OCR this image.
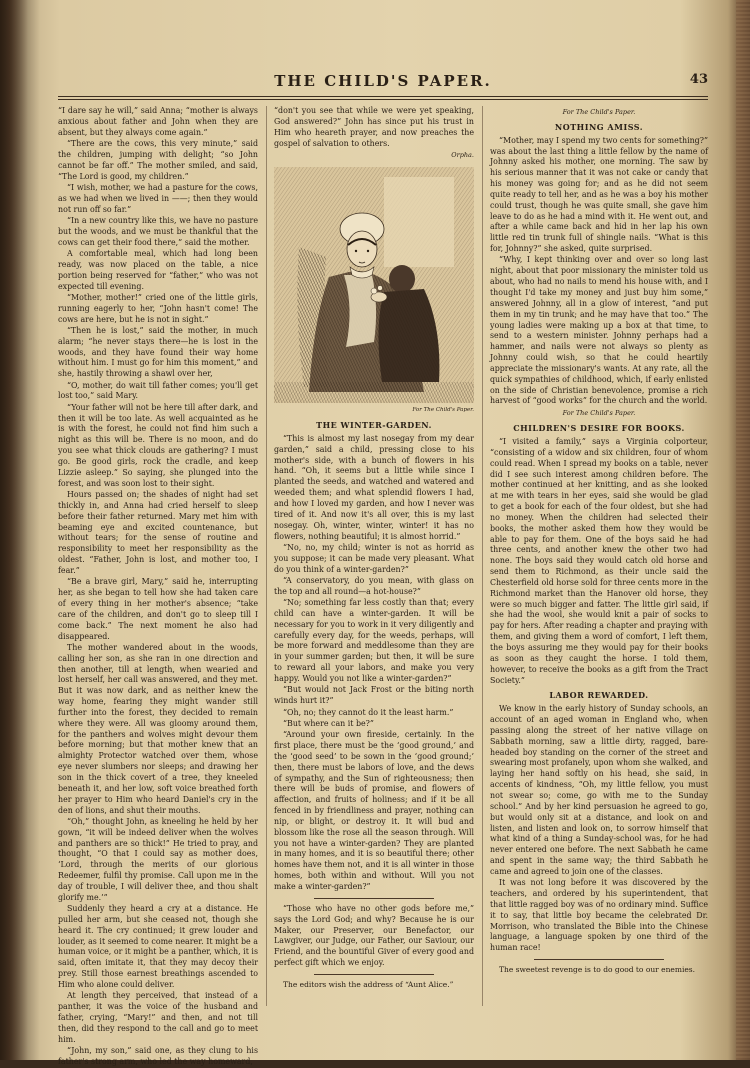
THE CHILD'S PAPER.	43

“I dare say he will,” said Anna; “mother is always anxious about father and John when they are absent, but they always come again.”

“There are the cows, this very minute,” said the children, jumping with delight; “so John cannot be far off.” The mother smiled, and said, “The Lord is good, my children.”

“I wish, mother, we had a pasture for the cows, as we had when we lived in ——; then they would not run off so far.”

“In a new country like this, we have no pasture but the woods, and we must be thankful that the cows can get their food there,” said the mother.

A comfortable meal, which had long been ready, was now placed on the table, a nice portion being reserved for “father,” who was not expected till evening.

“Mother, mother!” cried one of the little girls, running eagerly to her, “John hasn't come! The cows are here, but he is not in sight.”

“Then he is lost,” said the mother, in much alarm; “he never stays there—he is lost in the woods, and they have found their way home without him. I must go for him this moment,” and she, hastily throwing a shawl over her,

“O, mother, do wait till father comes; you'll get lost too,” said Mary.

“Your father will not be here till after dark, and then it will be too late. As well acquainted as he is with the forest, he could not find him such a night as this will be. There is no moon, and do you see what thick clouds are gathering? I must go. Be good girls, rock the cradle, and keep Lizzie asleep.” So saying, she plunged into the forest, and was soon lost to their sight.

Hours passed on; the shades of night had set thickly in, and Anna had cried herself to sleep before their father returned. Mary met him with beaming eye and excited countenance, but without tears; for the sense of routine and responsibility to meet her responsibility as the oldest. “Father, John is lost, and mother too, I fear.”

“Be a brave girl, Mary,” said he, interrupting her, as she began to tell how she had taken care of every thing in her mother's absence; “take care of the children, and don't go to sleep till I come back.” The next moment he also had disappeared.

The mother wandered about in the woods, calling her son, as she ran in one direction and then another, till at length, when wearied and lost herself, her call was answered, and they met. But it was now dark, and as neither knew the way home, fearing they might wander still further into the forest, they decided to remain where they were. All was gloomy around them, for the panthers and wolves might devour them before morning; but that mother knew that an almighty Protector watched over them, whose eye never slumbers nor sleeps; and drawing her son in the thick covert of a tree, they kneeled beneath it, and her low, soft voice breathed forth her prayer to Him who heard Daniel's cry in the den of lions, and shut their mouths.

“Oh,” thought John, as kneeling he held by her gown, “it will be indeed deliver when the wolves and panthers are so thick!” He tried to pray, and thought, “O that I could say as mother does, ‘Lord, through the merits of our glorious Redeemer, fulfil thy promise. Call upon me in the day of trouble, I will deliver thee, and thou shalt glorify me.’”

Suddenly they heard a cry at a distance. He pulled her arm, but she ceased not, though she heard it. The cry continued; it grew louder and louder, as it seemed to come nearer. It might be a human voice, or it might be a panther, which, it is said, often imitate it, that they may decoy their prey. Still those earnest breathings ascended to Him who alone could deliver.

At length they perceived, that instead of a panther, it was the voice of the husband and father, crying, “Mary!” and then, and not till then, did they respond to the call and go to meet him.

“John, my son,” said one, as they clung to his father's strong arm, who led the way homeward,

“don't you see that while we were yet speaking, God answered?” John has since put his trust in Him who heareth prayer, and now preaches the gospel of salvation to others.

Orpha.
For The Child's Paper.
THE WINTER-GARDEN.

“This is almost my last nosegay from my dear garden,” said a child, pressing close to his mother's side, with a bunch of flowers in his hand. “Oh, it seems but a little while since I planted the seeds, and watched and watered and weeded them; and what splendid flowers I had, and how I loved my garden, and how I never was tired of it. And now it's all over, this is my last nosegay. Oh, winter, winter, winter! it has no flowers, nothing beautiful; it is almost horrid.”

“No, no, my child; winter is not as horrid as you suppose; it can be made very pleasant. What do you think of a winter-garden?”

“A conservatory, do you mean, with glass on the top and all round—a hot-house?”

“No; something far less costly than that; every child can have a winter-garden. It will be necessary for you to work in it very diligently and carefully every day, for the weeds, perhaps, will be more forward and meddlesome than they are in your summer garden; but then, it will be sure to reward all your labors, and make you very happy. Would you not like a winter-garden?”

“But would not Jack Frost or the biting north winds hurt it?”

“Oh, no; they cannot do it the least harm.”

“But where can it be?”

“Around your own fireside, certainly. In the first place, there must be the ‘good ground,’ and the ‘good seed’ to be sown in the ‘good ground;’ then, there must be labors of love, and the dews of sympathy, and the Sun of righteousness; then there will be buds of promise, and flowers of affection, and fruits of holiness; and if it be all fenced in by friendliness and prayer, nothing can nip, or blight, or destroy it. It will bud and blossom like the rose all the season through. Will you not have a winter-garden? They are planted in many homes, and it is so beautiful there; other homes have them not, and it is all winter in those homes, both within and without. Will you not make a winter-garden?”

“Those who have no other gods before me,” says the Lord God; and why? Because he is our Maker, our Preserver, our Benefactor, our Lawgiver, our Judge, our Father, our Saviour, our Friend, and the bountiful Giver of every good and perfect gift which we enjoy.

The editors wish the address of “Aunt Alice.”

For The Child's Paper.
NOTHING AMISS.

“Mother, may I spend my two cents for something?” was about the last thing a little fellow by the name of Johnny asked his mother, one morning. The saw by his serious manner that it was not cake or candy that his money was going for; and as he did not seem quite ready to tell her, and as he was a boy his mother could trust, though he was quite small, she gave him leave to do as he had a mind with it. He went out, and after a while came back and hid in her lap his own little red tin trunk full of shingle nails. “What is this for, Johnny?” she asked, quite surprised.

“Why, I kept thinking over and over so long last night, about that poor missionary the minister told us about, who had no nails to mend his house with, and I thought I'd take my money and just buy him some,” answered Johnny, all in a glow of interest, “and put them in my tin trunk; and he may have that too.” The young ladies were making up a box at that time, to send to a western minister. Johnny perhaps had a hammer, and nails were not always so plenty as Johnny could wish, so that he could heartily appreciate the missionary's wants. At any rate, all the quick sympathies of childhood, which, if early enlisted on the side of Christian benevolence, promise a rich harvest of “good works” for the church and the world.

For The Child's Paper.
CHILDREN'S DESIRE FOR BOOKS.

“I visited a family,” says a Virginia colporteur, “consisting of a widow and six children, four of whom could read. When I spread my books on a table, never did I see such interest among children before. The mother continued at her knitting, and as she looked at me with tears in her eyes, said she would be glad to get a book for each of the four oldest, but she had no money. When the children had selected their books, the mother asked them how they would be able to pay for them. One of the boys said he had three cents, and another knew the other two had none. The boys said they would catch old horse and send them to Richmond, as their uncle said the Chesterfield old horse sold for three cents more in the Richmond market than the Hanover old horse, they were so much bigger and fatter. The little girl said, if she had the wool, she would knit a pair of socks to pay for hers. After reading a chapter and praying with them, and giving them a word of comfort, I left them, the boys assuring me they would pay for their books as soon as they caught the horse. I told them, however, to receive the books as a gift from the Tract Society.”

LABOR REWARDED.

We know in the early history of Sunday schools, an account of an aged woman in England who, when passing along the street of her native village on Sabbath morning, saw a little dirty, ragged, bare-headed boy standing on the corner of the street and swearing most profanely, upon whom she walked, and laying her hand softly on his head, she said, in accents of kindness, “Oh, my little fellow, you must not swear so; come, go with me to the Sunday school.” And by her kind persuasion he agreed to go, but would only sit at a distance, and look on and listen, and listen and look on, to sorrow himself that what kind of a thing a Sunday-school was, for he had never entered one before. The next Sabbath he came and spent in the same way; the third Sabbath he came and agreed to join one of the classes.

It was not long before it was discovered by the teachers, and ordered by his superintendent, that that little ragged boy was of no ordinary mind. Suffice it to say, that little boy became the celebrated Dr. Morrison, who translated the Bible into the Chinese language, a language spoken by one third of the human race!

The sweetest revenge is to do good to our enemies.
